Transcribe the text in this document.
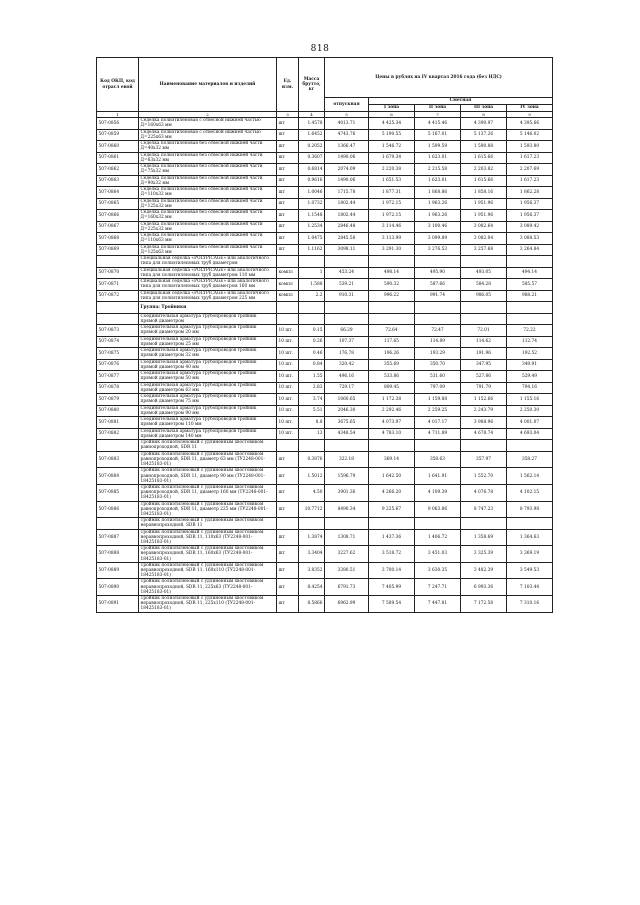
818
Код ОКП, код отрасл евой	Наименование материалов и изделий	Ед. изм.	Масса брутто, кг	Цены в рублях на IV квартал 2016 года (без НДС)				
				отпускная	Сметная			
					I зона	II зона	III зона	IV зона
1	2	3	4	5	6	7	8	9
507-0856	Седелка полиэтиленовая с отвесной нижней частью Д=160х63 мм	шт	1.4578	4013.71	4 425.34	4 415.46	4 390.97	4 395.66
507-0859	Седелка полиэтиленовая с отвесной нижней частью Д=225х63 мм	шт	1.6452	4743.76	5 190.55	5 167.01	5 137.26	5 146.02
507-0860	Седелка полиэтиленовая без отвесной нижней части Д=40х32 мм	шт	0.2052	1366.47	1 546.72	1 599.59	1 590.88	1 593.80
507-0861	Седелка полиэтиленовая без отвесной нижней части Д=63х32 мм	шт	0.3607	1490.06	1 679.34	1 623.01	1 615.66	1 617.23
507-0862	Седелка полиэтиленовая без отвесной нижней части Д=75х32 мм	шт	0.6814	2074.09	2 220.38	2 215.58	2 203.82	2 207.69
507-0863	Седелка полиэтиленовая без отвесной нижней части Д=90х32 мм	шт	0.9616	1490.06	1 651.53	1 623.01	1 615.66	1 617.23
507-0864	Седелка полиэтиленовая без отвесной нижней части Д=110х32 мм	шт	1.0046	1715.78	1 877.31	1 868.86	1 858.16	1 862.28
507-0865	Седелка полиэтиленовая без отвесной нижней части Д=125х32 мм	шт	1.0732	1802.44	1 972.15	1 963.26	1 951.96	1 956.37
507-0866	Седелка полиэтиленовая без отвесной нижней части Д=160х32 мм	шт	1.1548	1802.44	1 972.15	1 963.26	1 951.96	1 956.37
507-0867	Седелка полиэтиленовая без отвесной нижней части Д=225х32 мм	шт	1.2534	2846.48	3 114.46	3 100.46	3 082.64	3 089.42
507-0868	Седелка полиэтиленовая без отвесной нижней части Д=110х63 мм	шт	1.0475	2845.58	3 113.99	3 099.89	3 082.04	3 088.53
507-0869	Седелка полиэтиленовая без отвесной нижней части Д=125х63 мм	шт	1.1162	3098.11	3 291.30	3 276.53	3 257.68	3 264.84
	Специальная седелка «POLYPICAGE» или аналогичного типа для полиэтиленовых труб диаметром							
507-0870	Специальная седелка «POLYPICAGE» или аналогичного типа для полиэтиленовых труб диаметром 110 мм	компл	1	453.24	498.14	495.90	493.05	494.14
507-0871	Специальная седелка «POLYPICAGE» или аналогичного типа для полиэтиленовых труб диаметром 160 мм	компл	1.588	539.21	590.32	587.66	584.28	585.57
507-0872	Специальная седелка «POLYPICAGE» или аналогичного типа для полиэтиленовых труб диаметром 225 мм	компл	2.2	910.31	996.22	991.74	986.05	988.21
	Группа: Тройники							
	Соединительная арматура трубопроводов тройник прямой диаметром							
507-0873	Соединительная арматура трубопроводов тройник прямой диаметром 20 мм	10 шт.	0.15	66.29	72.64	72.47	72.01	72.22
507-0874	Соединительная арматура трубопроводов тройник прямой диаметром 25 мм	10 шт.	0.26	107.37	117.65	114.89	114.62	112.74
507-0875	Соединительная арматура трубопроводов тройник прямой диаметром 32 мм	10 шт.	0.46	176.78	196.26	193.29	191.96	192.52
507-0876	Соединительная арматура трубопроводов тройник прямой диаметром 40 мм	10 шт.	0.84	320.42	355.69	350.70	347.95	349.91
507-0877	Соединительная арматура трубопроводов тройник прямой диаметром 50 мм	10 шт.	1.55	496.16	533.86	531.60	527.86	529.49
507-0878	Соединительная арматура трубопроводов тройник прямой диаметром 63 мм	10 шт.	2.83	729.17	809.45	797.09	791.79	794.16
507-0879	Соединительная арматура трубопроводов тройник прямой диаметром 75 мм	10 шт.	3.74	1060.65	1 172.38	1 159.88	1 152.66	1 155.16
507-0880	Соединительная арматура трубопроводов тройник прямой диаметром 90 мм	10 шт.	5.51	2046.30	2 292.46	2 259.25	2 243.79	2 250.30
507-0881	Соединительная арматура трубопроводов тройник прямой диаметром 110 мм	10 шт.	8.8	3675.65	4 073.97	4 017.17	3 988.96	4 001.07
507-0882	Соединительная арматура трубопроводов тройник прямой диаметром 140 мм	10 шт.	13	4348.54	4 783.10	4 711.89	4 678.74	4 693.04
	Тройник полиэтиленовый с удлиненным хвостовиком равнопроходной, SDR 11							
507-0883	Тройник полиэтиленовый с удлиненным хвостовиком равнопроходной, SDR 11, диаметр 63 мм (ТУ2248-001-18425183-01)	шт	0.3876	322.18	369.14	358.63	357.97	358.27
507-0884	Тройник полиэтиленовый с удлиненным хвостовиком равнопроходной, SDR 11, диаметр 90 мм (ТУ2248-001-18425183-01)	шт	1.5012	1596.79	1 642.50	1 641.91	1 552.70	1 562.14
507-0885	Тройник полиэтиленовый с удлиненным хвостовиком равнопроходной, SDR 11, диаметр 160 мм (ТУ2248-001-18425183-01)	шт	4.50	3901.36	4 266.20	4 109.39	4 076.78	4 102.15
507-0886	Тройник полиэтиленовый с удлиненным хвостовиком равнопроходной, SDR 11, диаметр 225 мм (ТУ2248-001-18425183-01)	шт	10.7712	8490.34	9 225.67	9 063.86	8 747.23	8 793.98
	Тройник полиэтиленовый с удлиненным хвостовиком неравнопроходной, SDR 11							
507-0887	Тройник полиэтиленовый с удлиненным хвостовиком неравнопроходной, SDR 11, 110х63 (ТУ2248-001-18425183-01)	шт	1.3874	1308.71	1 437.36	1 406.72	1 358.69	1 364.63
507-0888	Тройник полиэтиленовый с удлиненным хвостовиком неравнопроходной, SDR 11, 160х63 (ТУ2248-001-18425183-01)	шт	3.3404	3227.62	3 518.72	3 451.03	3 325.39	3 369.19
507-0889	Тройник полиэтиленовый с удлиненным хвостовиком неравнопроходной, SDR 11, 160х110 (ТУ2248-001-18425183-01)	шт	3.8352	3380.51	3 700.14	3 630.35	3 482.39	3 549.53
507-0890	Тройник полиэтиленовый с удлиненным хвостовиком неравнопроходной, SDR 11, 225х63 (ТУ2248-001-18425183-01)	шт	8.4254	6791.73	7 405.99	7 247.71	6 993.36	7 103.44
507-0891	Тройник полиэтиленовый с удлиненным хвостовиком неравнопроходной, SDR 11, 225х110 (ТУ2248-001-18425183-01)	шт	8.5866	6962.99	7 589.54	7 447.81	7 172.58	7 310.16
